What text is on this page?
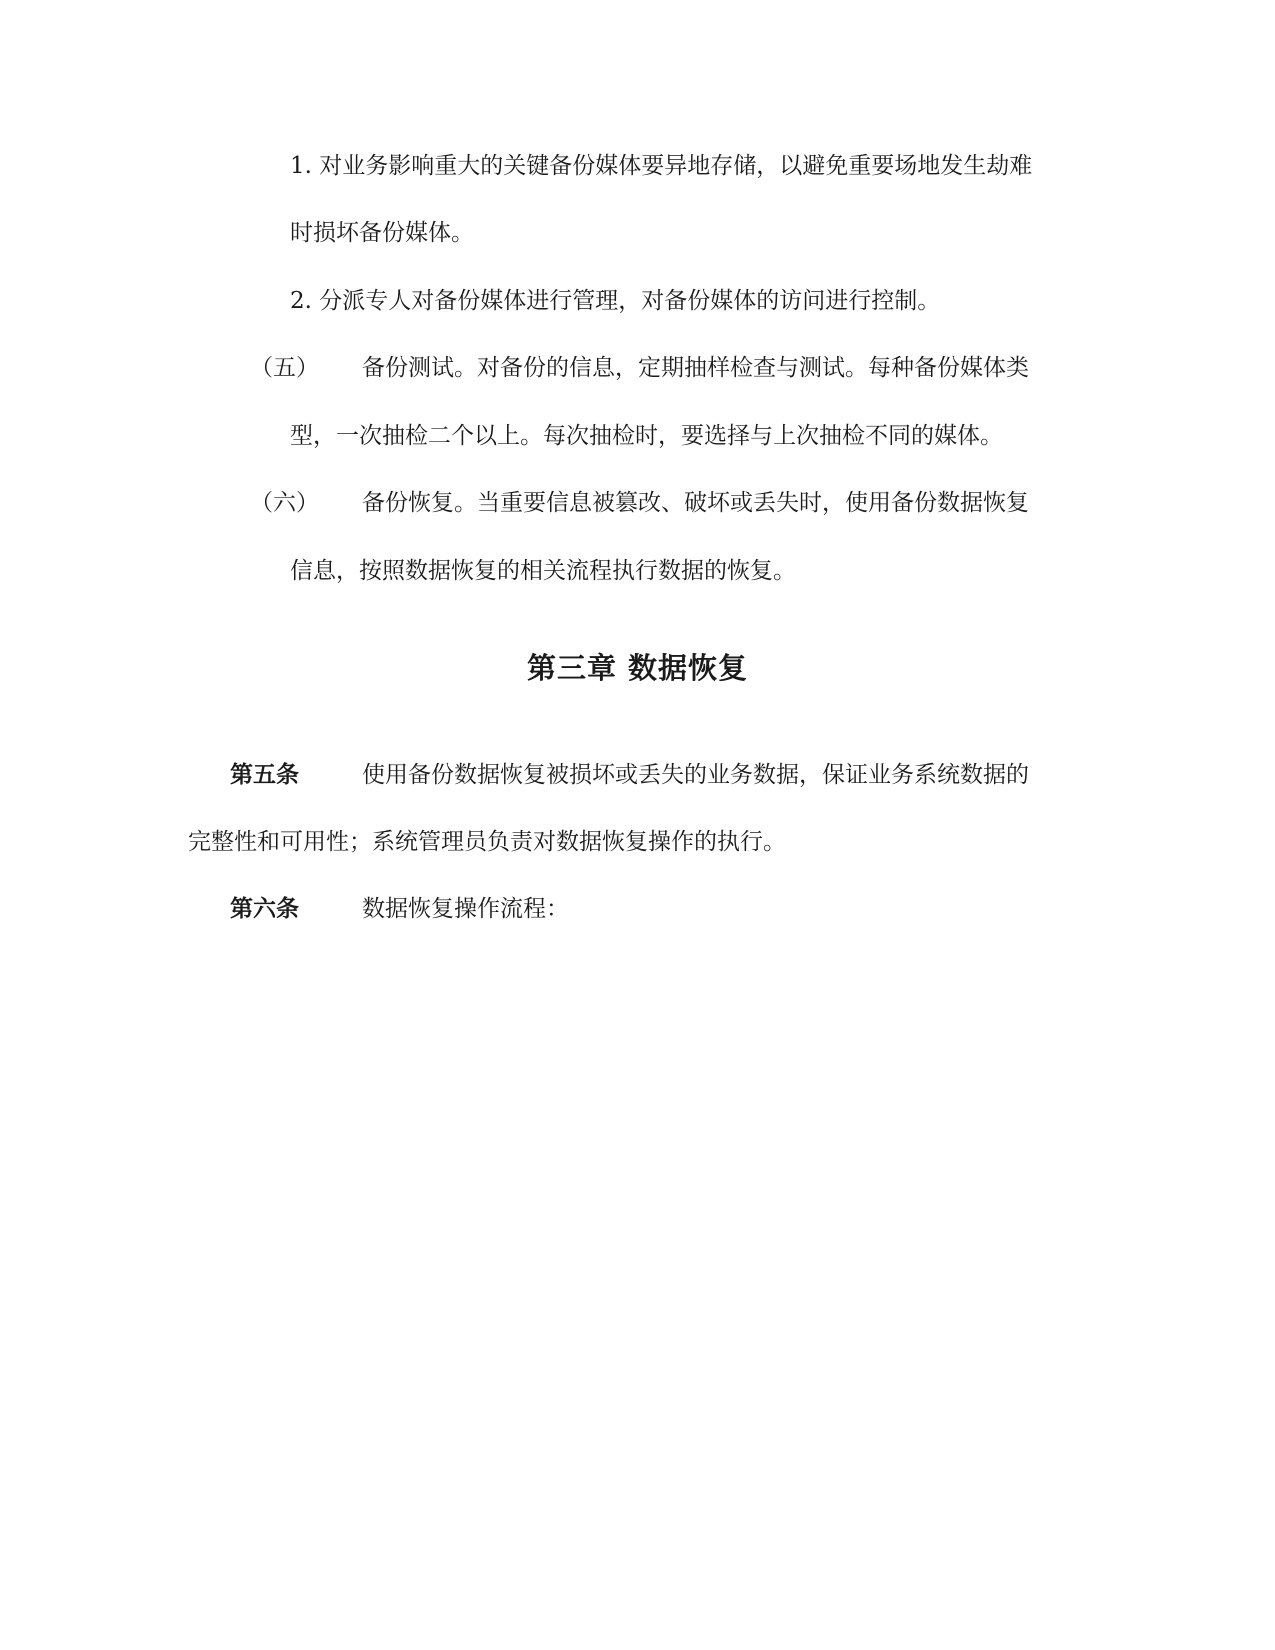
1. 对业务影响重大的关键备份媒体要异地存储，以避免重要场地发生劫难
时损坏备份媒体。
2. 分派专人对备份媒体进行管理，对备份媒体的访问进行控制。
（五） 备份测试。对备份的信息，定期抽样检查与测试。每种备份媒体类
型，一次抽检二个以上。每次抽检时，要选择与上次抽检不同的媒体。
（六） 备份恢复。当重要信息被篡改、破坏或丢失时，使用备份数据恢复
信息，按照数据恢复的相关流程执行数据的恢复。
第三章 数据恢复
第五条	使用备份数据恢复被损坏或丢失的业务数据，保证业务系统数据的
完整性和可用性；系统管理员负责对数据恢复操作的执行。
第六条	数据恢复操作流程：
